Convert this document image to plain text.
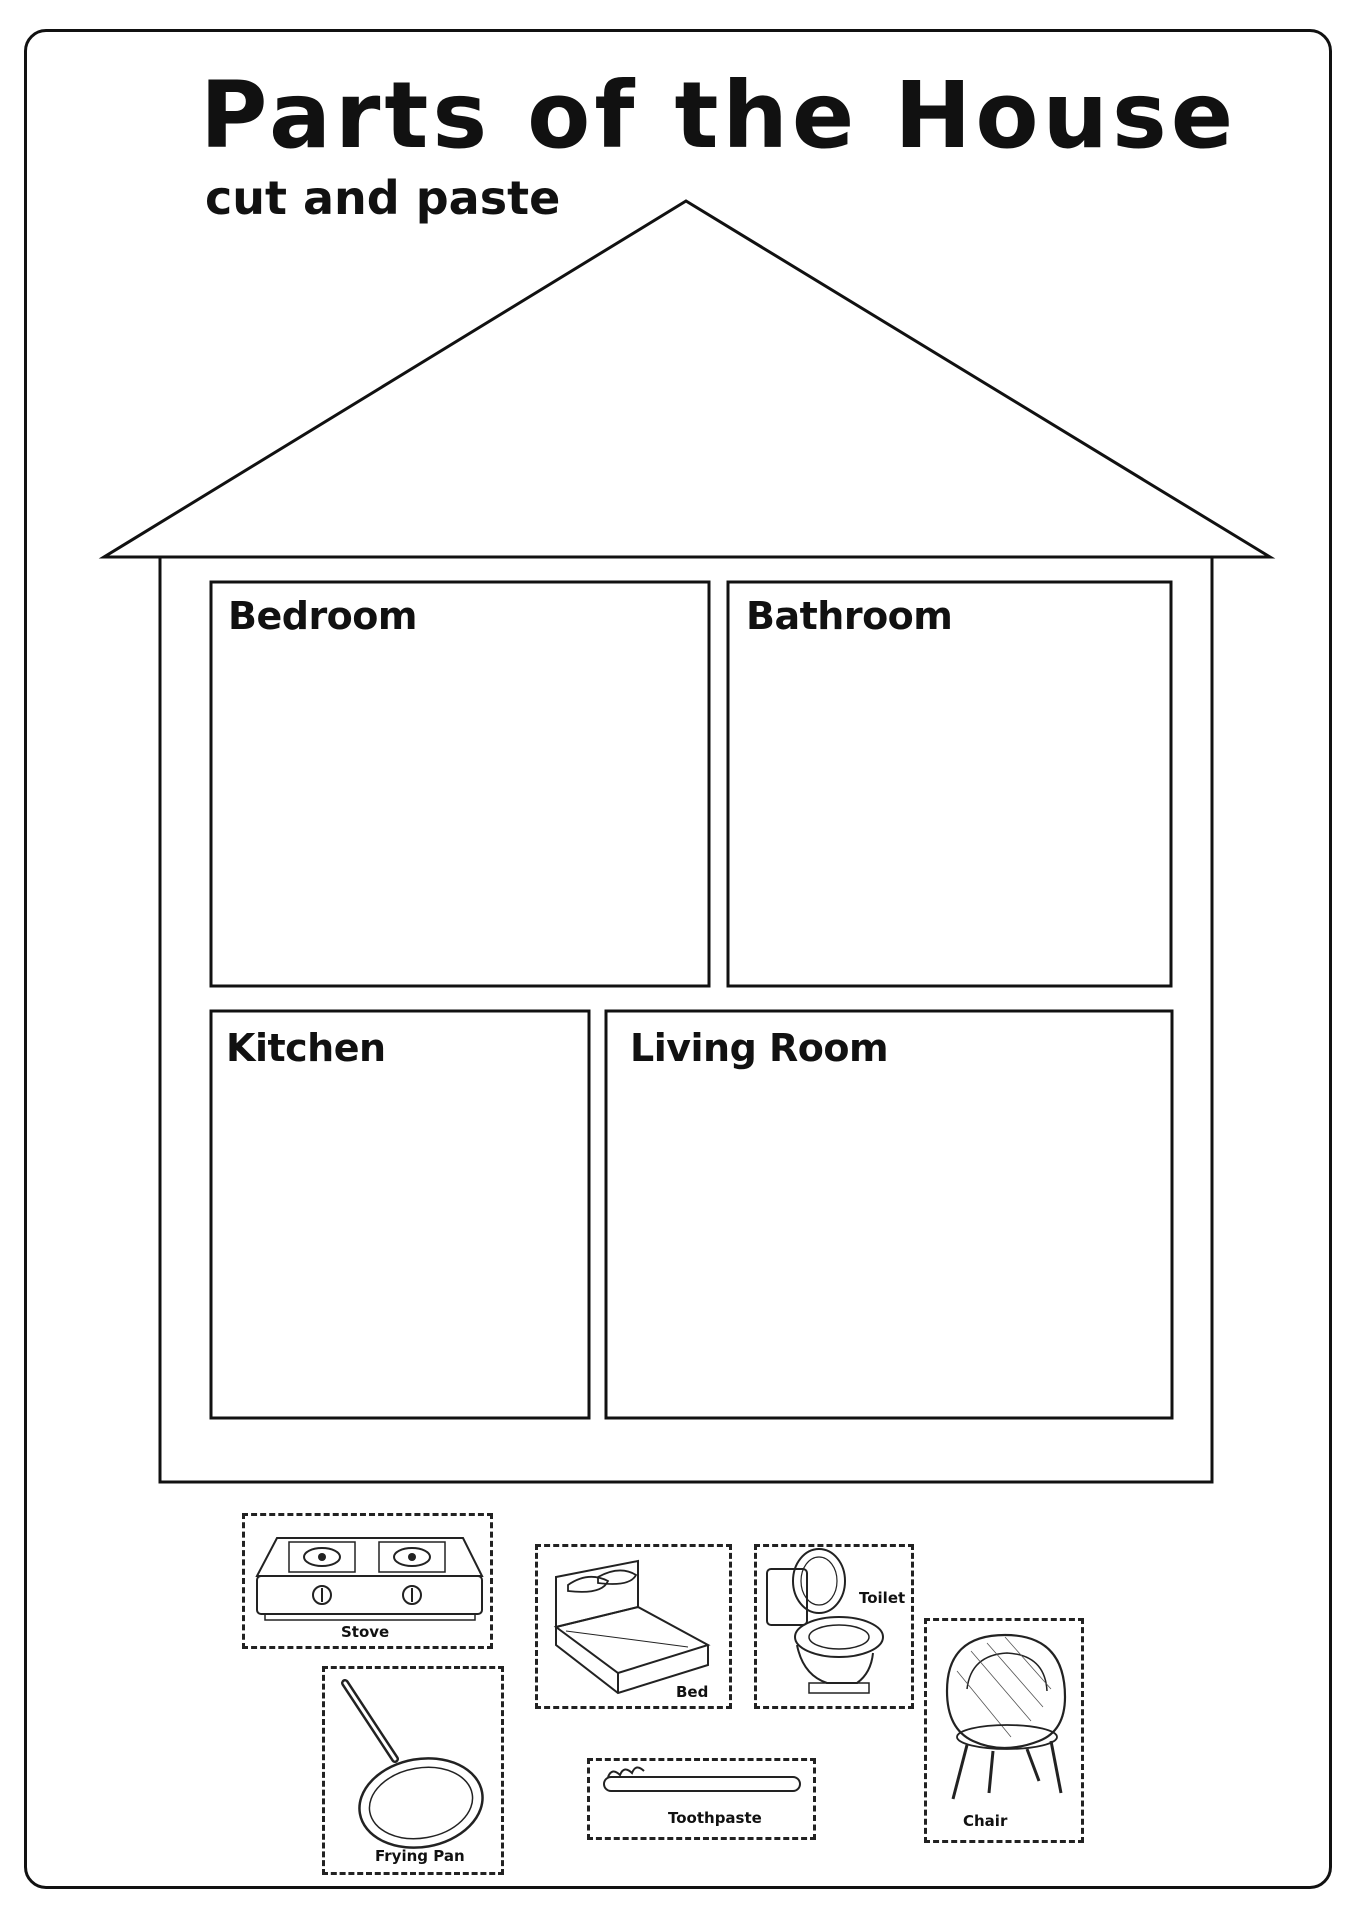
Parts of the House
cut and paste
Bedroom	Bathroom
Kitchen	Living Room
Stove
Bed
Toilet
Chair
Frying Pan
Toothpaste
